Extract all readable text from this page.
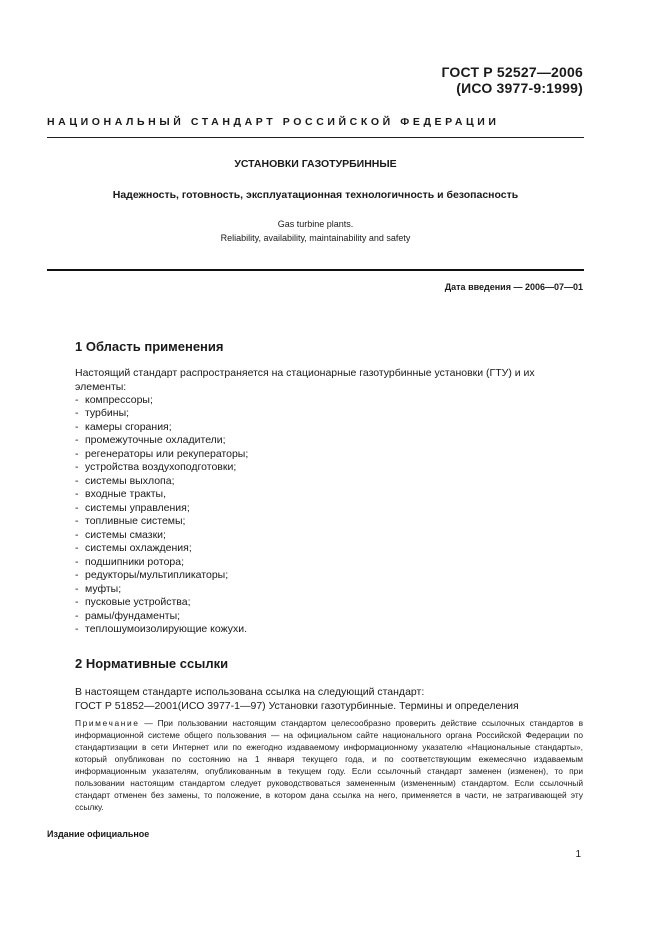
ГОСТ Р 52527—2006
(ИСО 3977-9:1999)
НАЦИОНАЛЬНЫЙ СТАНДАРТ РОССИЙСКОЙ ФЕДЕРАЦИИ
УСТАНОВКИ ГАЗОТУРБИННЫЕ
Надежность, готовность, эксплуатационная технологичность и безопасность
Gas turbine plants.
Reliability, availability, maintainability and safety
Дата введения — 2006—07—01
1 Область применения
Настоящий стандарт распространяется на стационарные газотурбинные установки (ГТУ) и их элементы:
- компрессоры;
- турбины;
- камеры сгорания;
- промежуточные охладители;
- регенераторы или рекуператоры;
- устройства воздухоподготовки;
- системы выхлопа;
- входные тракты,
- системы управления;
- топливные системы;
- системы смазки;
- системы охлаждения;
- подшипники ротора;
- редукторы/мультипликаторы;
- муфты;
- пусковые устройства;
- рамы/фундаменты;
- теплошумоизолирующие кожухи.
2 Нормативные ссылки
В настоящем стандарте использована ссылка на следующий стандарт:
ГОСТ Р 51852—2001(ИСО 3977-1—97) Установки газотурбинные. Термины и определения
Примечание — При пользовании настоящим стандартом целесообразно проверить действие ссылочных стандартов в информационной системе общего пользования — на официальном сайте национального органа Российской Федерации по стандартизации в сети Интернет или по ежегодно издаваемому информационному указателю «Национальные стандарты», который опубликован по состоянию на 1 января текущего года, и по соответствующим ежемесячно издаваемым информационным указателям, опубликованным в текущем году. Если ссылочный стандарт заменен (изменен), то при пользовании настоящим стандартом следует руководствоваться замененным (измененным) стандартом. Если ссылочный стандарт отменен без замены, то положение, в котором дана ссылка на него, применяется в части, не затрагивающей эту ссылку.
Издание официальное
1
